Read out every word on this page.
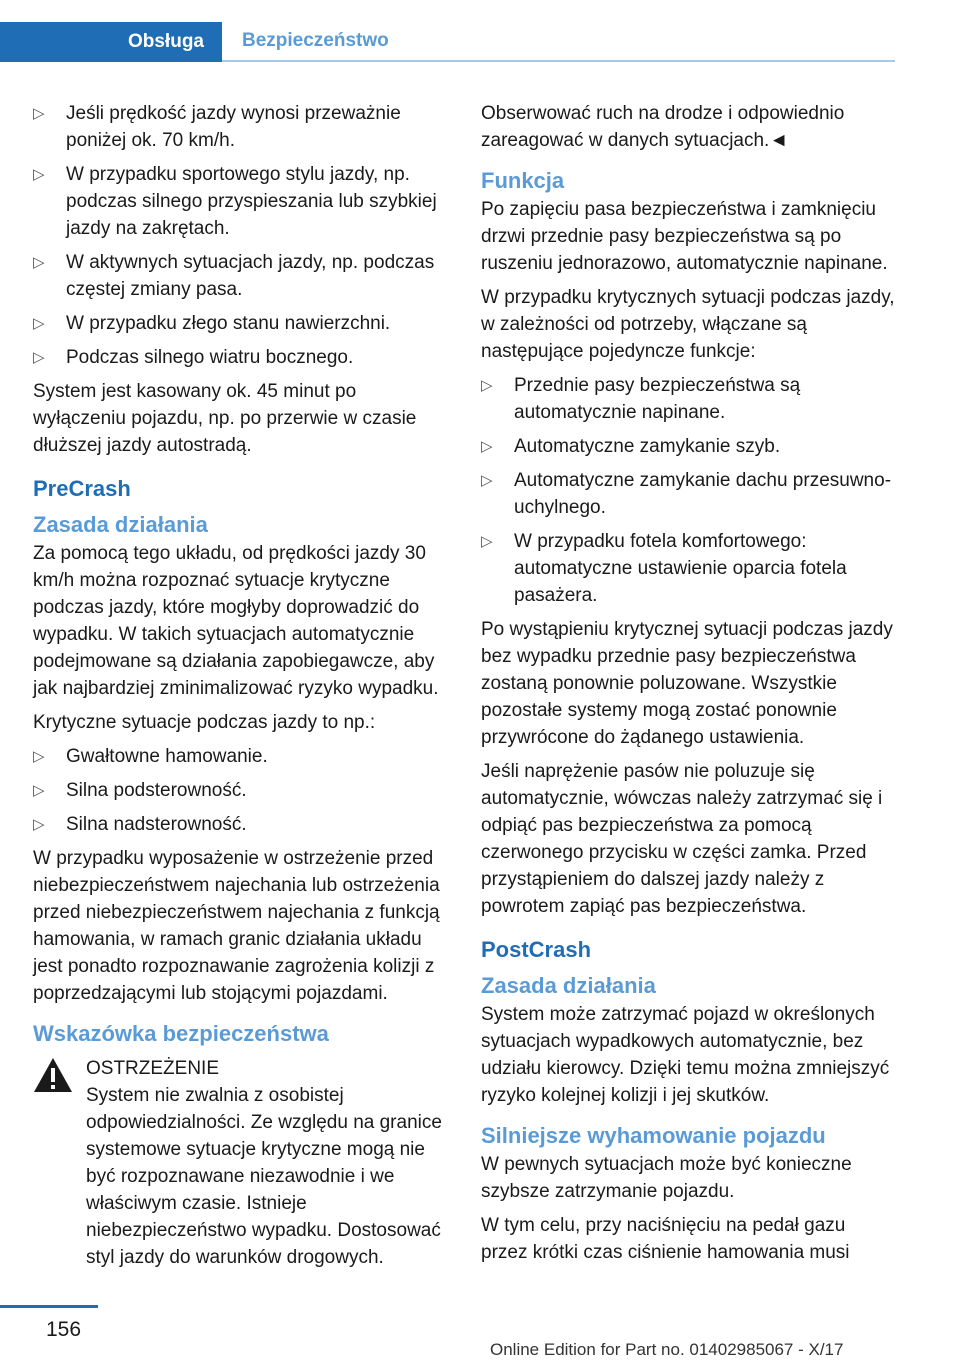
Obsługa	Bezpieczeństwo
▷ Jeśli prędkość jazdy wynosi przeważnie poniżej ok. 70 km/h.
▷ W przypadku sportowego stylu jazdy, np. podczas silnego przyspieszania lub szybkiej jazdy na zakrętach.
▷ W aktywnych sytuacjach jazdy, np. podczas częstej zmiany pasa.
▷ W przypadku złego stanu nawierzchni.
▷ Podczas silnego wiatru bocznego.

System jest kasowany ok. 45 minut po wyłączeniu pojazdu, np. po przerwie w czasie dłuższej jazdy autostradą.

PreCrash
Zasada działania

Za pomocą tego układu, od prędkości jazdy 30 km/h można rozpoznać sytuacje krytyczne podczas jazdy, które mogłyby doprowadzić do wypadku. W takich sytuacjach automatycznie podejmowane są działania zapobiegawcze, aby jak najbardziej zminimalizować ryzyko wypadku.

Krytyczne sytuacje podczas jazdy to np.:

▷ Gwałtowne hamowanie.
▷ Silna podsterowność.
▷ Silna nadsterowność.

W przypadku wyposażenie w ostrzeżenie przed niebezpieczeństwem najechania lub ostrzeżenia przed niebezpieczeństwem najechania z funkcją hamowania, w ramach granic działania układu jest ponadto rozpoznawanie zagrożenia kolizji z poprzedzającymi lub stojącymi pojazdami.

Wskazówka bezpieczeństwa

OSTRZEŻENIE

System nie zwalnia z osobistej odpowiedzialności. Ze względu na granice systemowe sytuacje krytyczne mogą nie być rozpoznawane niezawodnie i we właściwym czasie. Istnieje niebezpieczeństwo wypadku. Dostosować styl jazdy do warunków drogowych.

Obserwować ruch na drodze i odpowiednio zareagować w danych sytuacjach.◄

Funkcja

Po zapięciu pasa bezpieczeństwa i zamknięciu drzwi przednie pasy bezpieczeństwa są po ruszeniu jednorazowo, automatycznie napinane.

W przypadku krytycznych sytuacji podczas jazdy, w zależności od potrzeby, włączane są następujące pojedyncze funkcje:

▷ Przednie pasy bezpieczeństwa są automatycznie napinane.
▷ Automatyczne zamykanie szyb.
▷ Automatyczne zamykanie dachu przesuwno-uchylnego.
▷ W przypadku fotela komfortowego: automatyczne ustawienie oparcia fotela pasażera.

Po wystąpieniu krytycznej sytuacji podczas jazdy bez wypadku przednie pasy bezpieczeństwa zostaną ponownie poluzowane. Wszystkie pozostałe systemy mogą zostać ponownie przywrócone do żądanego ustawienia.

Jeśli naprężenie pasów nie poluzuje się automatycznie, wówczas należy zatrzymać się i odpiąć pas bezpieczeństwa za pomocą czerwonego przycisku w części zamka. Przed przystąpieniem do dalszej jazdy należy z powrotem zapiąć pas bezpieczeństwa.

PostCrash
Zasada działania

System może zatrzymać pojazd w określonych sytuacjach wypadkowych automatycznie, bez udziału kierowcy. Dzięki temu można zmniejszyć ryzyko kolejnej kolizji i jej skutków.

Silniejsze wyhamowanie pojazdu

W pewnych sytuacjach może być konieczne szybsze zatrzymanie pojazdu.

W tym celu, przy naciśnięciu na pedał gazu przez krótki czas ciśnienie hamowania musi

156
Online Edition for Part no. 01402985067 - X/17
